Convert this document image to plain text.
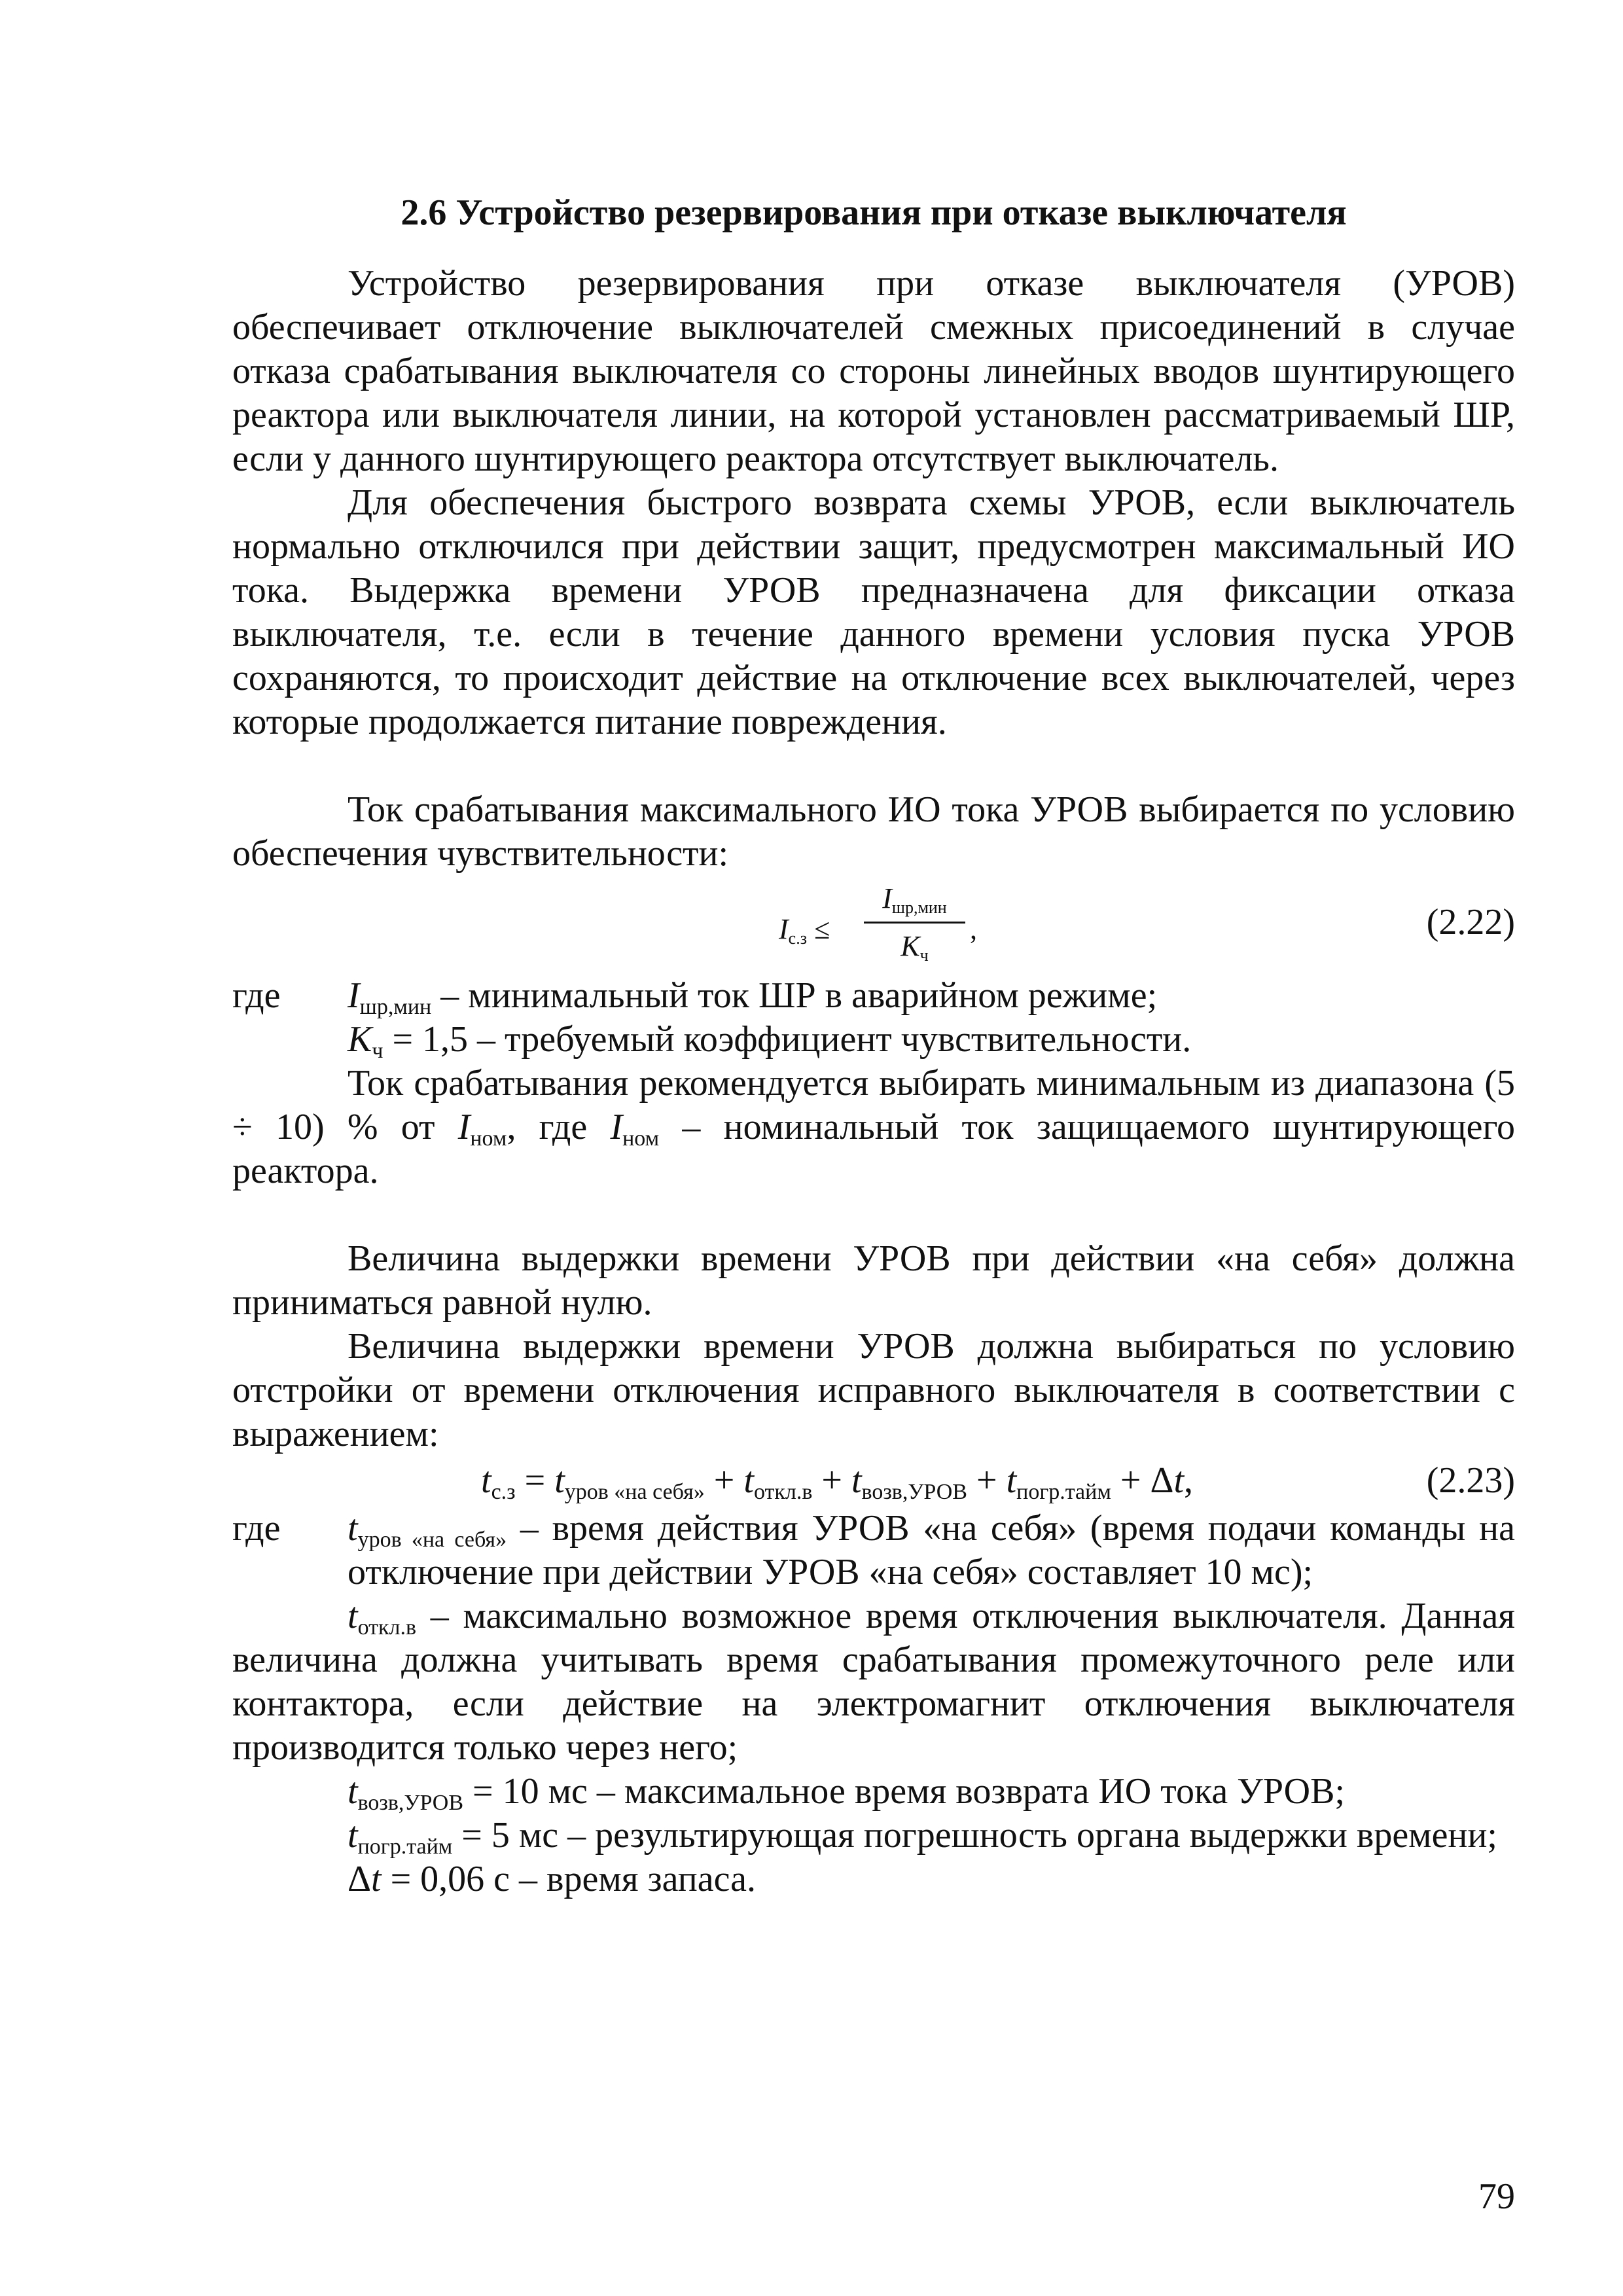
2.6 Устройство резервирования при отказе выключателя

Устройство резервирования при отказе выключателя (УРОВ) обеспечивает отключение выключателей смежных присоединений в случае отказа срабатывания выключателя со стороны линейных вводов шунтирующего реактора или выключателя линии, на которой установлен рассматриваемый ШР, если у данного шунтирующего реактора отсутствует выключатель.

Для обеспечения быстрого возврата схемы УРОВ, если выключатель нормально отключился при действии защит, предусмотрен максимальный ИО тока. Выдержка времени УРОВ предназначена для фиксации отказа выключателя, т.е. если в течение данного времени условия пуска УРОВ сохраняются, то происходит действие на отключение всех выключателей, через которые продолжается питание повреждения.

Ток срабатывания максимального ИО тока УРОВ выбирается по условию обеспечения чувствительности:

$I_{с.з}$ ≤
$I_{шр,мин}$
$K_ч$
,	(2.22)
где	$I_{шр,мин}$ – минимальный ток ШР в аварийном режиме;

$K_ч = 1,5$ – требуемый коэффициент чувствительности.

Ток срабатывания рекомендуется выбирать минимальным из диапазона (5 ÷ 10) % от $I_{ном}$, где $I_{ном}$ – номинальный ток защищаемого шунтирующего реактора.

Величина выдержки времени УРОВ при действии «на себя» должна приниматься равной нулю.

Величина выдержки времени УРОВ должна выбираться по условию отстройки от времени отключения исправного выключателя в соответствии с выражением:

$t_{с.з} = t_{уров «на себя»} + t_{откл.в} + t_{возв,УРОВ} + t_{погр.тайм} + \Delta t$,	(2.23)
где	$t_{уров «на себя»}$ – время действия УРОВ «на себя» (время подачи команды на отключение при действии УРОВ «на себя» составляет 10 мс);

$t_{откл.в}$ – максимально возможное время отключения выключателя. Данная величина должна учитывать время срабатывания промежуточного реле или контактора, если действие на электромагнит отключения выключателя производится только через него;

$t_{возв,УРОВ} = 10$ мс – максимальное время возврата ИО тока УРОВ;

$t_{погр.тайм} = 5$ мс – результирующая погрешность органа выдержки времени;

Δt = 0,06 с – время запаса.

79
